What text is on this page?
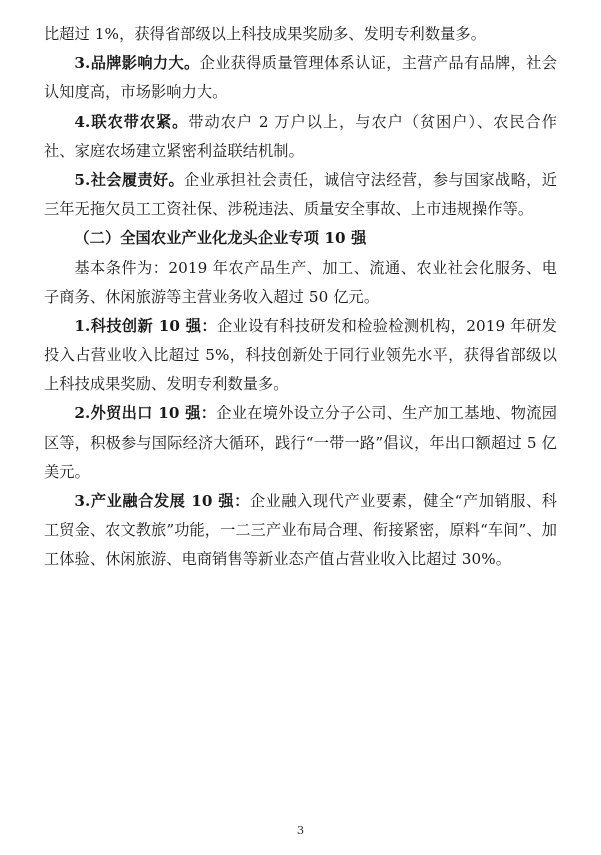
比超过 1%，获得省部级以上科技成果奖励多、发明专利数量多。

3.品牌影响力大。企业获得质量管理体系认证，主营产品有品牌，社会认知度高，市场影响力大。

4.联农带农紧。带动农户 2 万户以上，与农户（贫困户）、农民合作社、家庭农场建立紧密利益联结机制。

5.社会履责好。企业承担社会责任，诚信守法经营，参与国家战略，近三年无拖欠员工工资社保、涉税违法、质量安全事故、上市违规操作等。

（二）全国农业产业化龙头企业专项 10 强

基本条件为：2019 年农产品生产、加工、流通、农业社会化服务、电子商务、休闲旅游等主营业务收入超过 50 亿元。

1.科技创新 10 强：企业设有科技研发和检验检测机构，2019 年研发投入占营业收入比超过 5%，科技创新处于同行业领先水平，获得省部级以上科技成果奖励、发明专利数量多。

2.外贸出口 10 强：企业在境外设立分子公司、生产加工基地、物流园区等，积极参与国际经济大循环，践行“一带一路”倡议，年出口额超过 5 亿美元。

3.产业融合发展 10 强：企业融入现代产业要素，健全“产加销服、科工贸金、农文教旅”功能，一二三产业布局合理、衔接紧密，原料“车间”、加工体验、休闲旅游、电商销售等新业态产值占营业收入比超过 30%。

3
